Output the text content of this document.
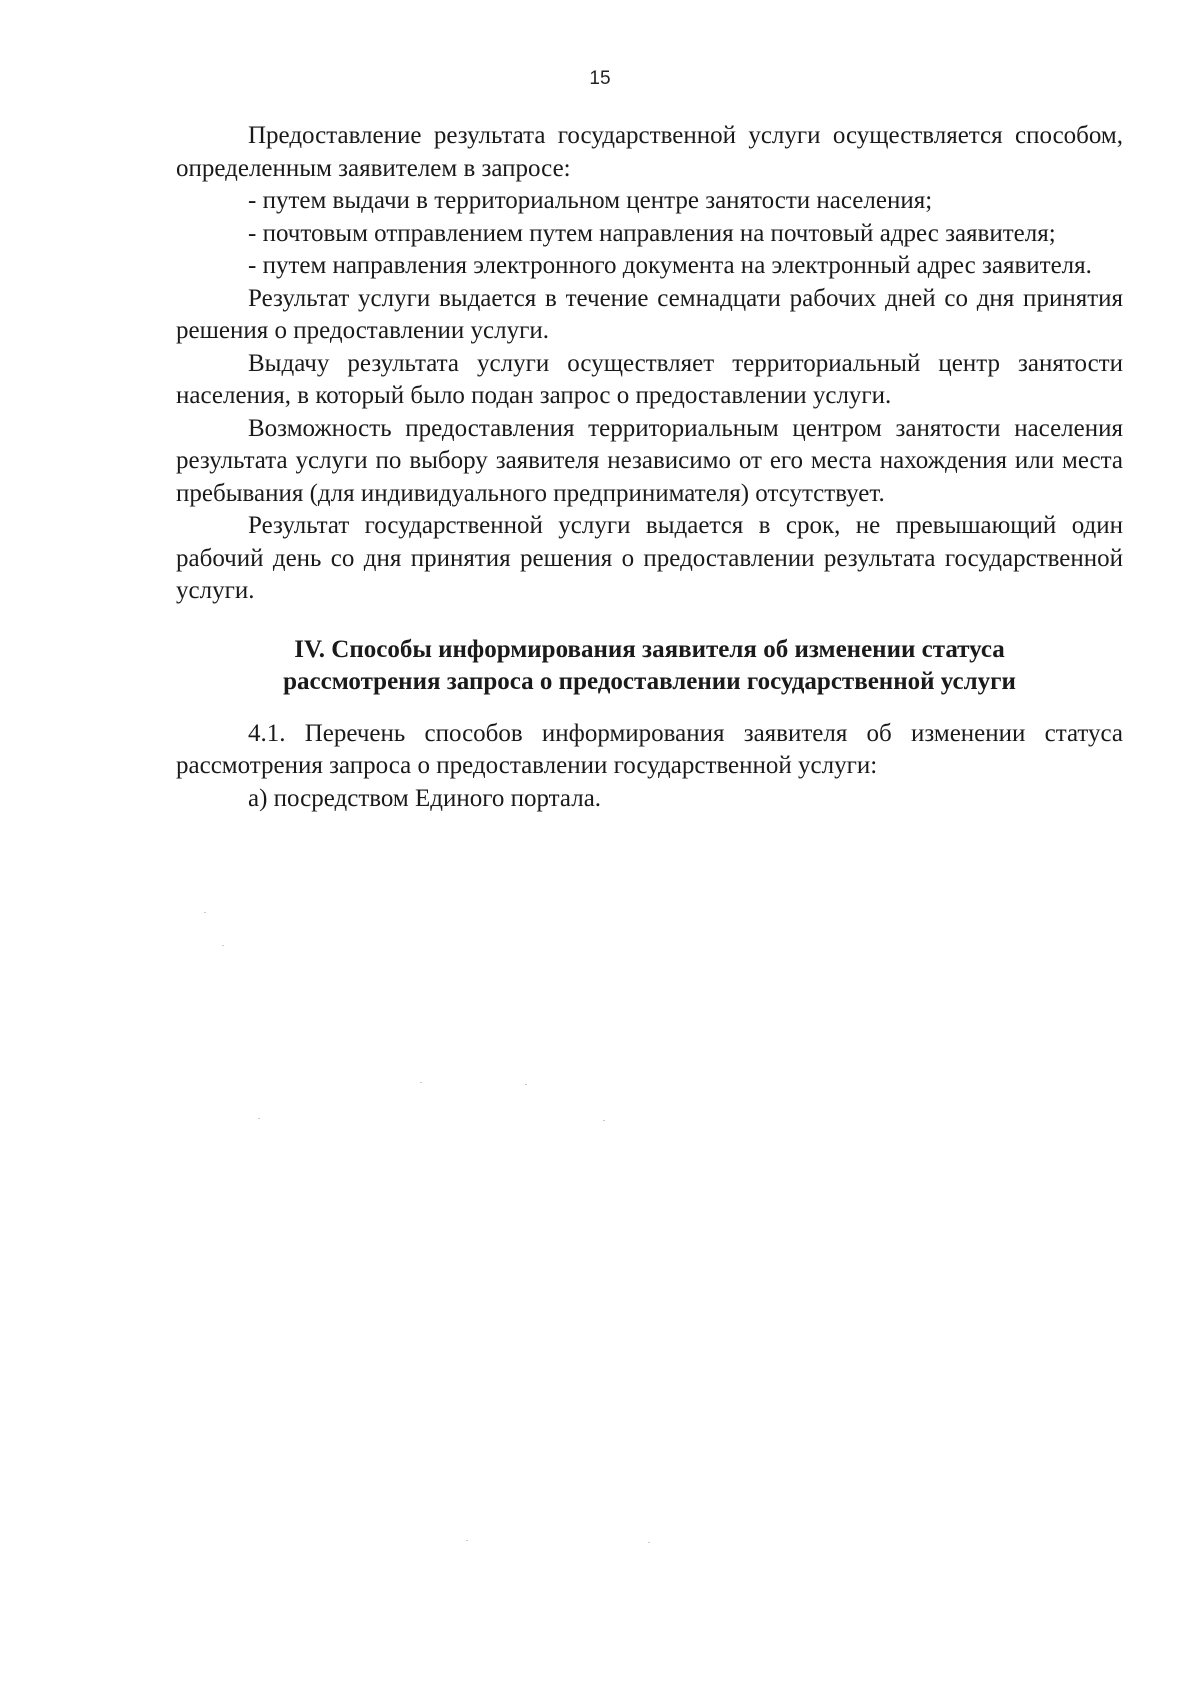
15

Предоставление результата государственной услуги осуществляется способом, определенным заявителем в запросе:

- путем выдачи в территориальном центре занятости населения;

- почтовым отправлением путем направления на почтовый адрес заявителя;

- путем направления электронного документа на электронный адрес заявителя.

Результат услуги выдается в течение семнадцати рабочих дней со дня принятия решения о предоставлении услуги.

Выдачу результата услуги осуществляет территориальный центр занятости населения, в который было подан запрос о предоставлении услуги.

Возможность предоставления территориальным центром занятости населения результата услуги по выбору заявителя независимо от его места нахождения или места пребывания (для индивидуального предпринимателя) отсутствует.

Результат государственной услуги выдается в срок, не превышающий один рабочий день со дня принятия решения о предоставлении результата государственной услуги.

IV. Способы информирования заявителя об изменении статуса
рассмотрения запроса о предоставлении государственной услуги

4.1. Перечень способов информирования заявителя об изменении статуса рассмотрения запроса о предоставлении государственной услуги:

а) посредством Единого портала.
